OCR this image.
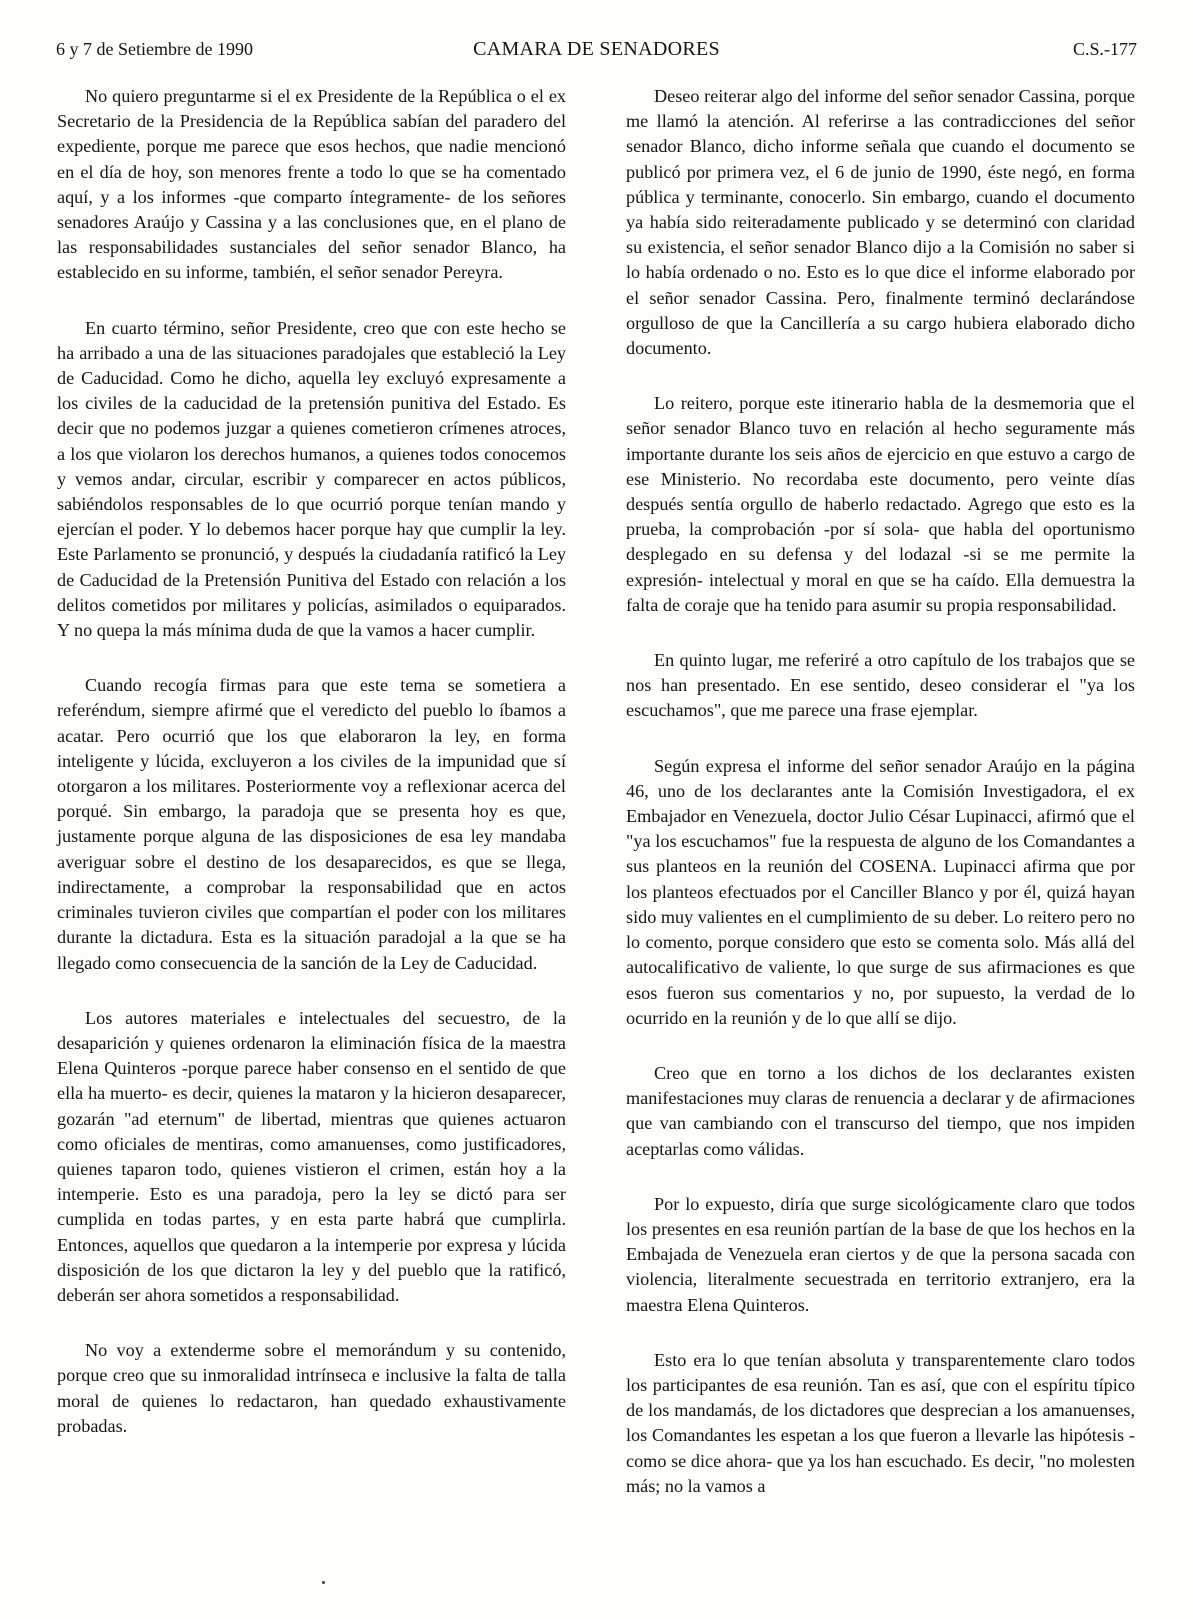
6 y 7 de Setiembre de 1990	CAMARA DE SENADORES	C.S.-177

No quiero preguntarme si el ex Presidente de la República o el ex Secretario de la Presidencia de la República sabían del paradero del expediente, porque me parece que esos hechos, que nadie mencionó en el día de hoy, son menores frente a todo lo que se ha comentado aquí, y a los informes -que comparto íntegramente- de los señores senadores Araújo y Cassina y a las conclusiones que, en el plano de las responsabilidades sustanciales del señor senador Blanco, ha establecido en su informe, también, el señor senador Pereyra.

En cuarto término, señor Presidente, creo que con este hecho se ha arribado a una de las situaciones paradojales que estableció la Ley de Caducidad. Como he dicho, aquella ley excluyó expresamente a los civiles de la caducidad de la pretensión punitiva del Estado. Es decir que no podemos juzgar a quienes cometieron crímenes atroces, a los que violaron los derechos humanos, a quienes todos conocemos y vemos andar, circular, escribir y comparecer en actos públicos, sabiéndolos responsables de lo que ocurrió porque tenían mando y ejercían el poder. Y lo debemos hacer porque hay que cumplir la ley. Este Parlamento se pronunció, y después la ciudadanía ratificó la Ley de Caducidad de la Pretensión Punitiva del Estado con relación a los delitos cometidos por militares y policías, asimilados o equiparados. Y no quepa la más mínima duda de que la vamos a hacer cumplir.

Cuando recogía firmas para que este tema se sometiera a referéndum, siempre afirmé que el veredicto del pueblo lo íbamos a acatar. Pero ocurrió que los que elaboraron la ley, en forma inteligente y lúcida, excluyeron a los civiles de la impunidad que sí otorgaron a los militares. Posteriormente voy a reflexionar acerca del porqué. Sin embargo, la paradoja que se presenta hoy es que, justamente porque alguna de las disposiciones de esa ley mandaba averiguar sobre el destino de los desaparecidos, es que se llega, indirectamente, a comprobar la responsabilidad que en actos criminales tuvieron civiles que compartían el poder con los militares durante la dictadura. Esta es la situación paradojal a la que se ha llegado como consecuencia de la sanción de la Ley de Caducidad.

Los autores materiales e intelectuales del secuestro, de la desaparición y quienes ordenaron la eliminación física de la maestra Elena Quinteros -porque parece haber consenso en el sentido de que ella ha muerto- es decir, quienes la mataron y la hicieron desaparecer, gozarán "ad eternum" de libertad, mientras que quienes actuaron como oficiales de mentiras, como amanuenses, como justificadores, quienes taparon todo, quienes vistieron el crimen, están hoy a la intemperie. Esto es una paradoja, pero la ley se dictó para ser cumplida en todas partes, y en esta parte habrá que cumplirla. Entonces, aquellos que quedaron a la intemperie por expresa y lúcida disposición de los que dictaron la ley y del pueblo que la ratificó, deberán ser ahora sometidos a responsabilidad.

No voy a extenderme sobre el memorándum y su contenido, porque creo que su inmoralidad intrínseca e inclusive la falta de talla moral de quienes lo redactaron, han quedado exhaustivamente probadas.

Deseo reiterar algo del informe del señor senador Cassina, porque me llamó la atención. Al referirse a las contradicciones del señor senador Blanco, dicho informe señala que cuando el documento se publicó por primera vez, el 6 de junio de 1990, éste negó, en forma pública y terminante, conocerlo. Sin embargo, cuando el documento ya había sido reiteradamente publicado y se determinó con claridad su existencia, el señor senador Blanco dijo a la Comisión no saber si lo había ordenado o no. Esto es lo que dice el informe elaborado por el señor senador Cassina. Pero, finalmente terminó declarándose orgulloso de que la Cancillería a su cargo hubiera elaborado dicho documento.

Lo reitero, porque este itinerario habla de la desmemoria que el señor senador Blanco tuvo en relación al hecho seguramente más importante durante los seis años de ejercicio en que estuvo a cargo de ese Ministerio. No recordaba este documento, pero veinte días después sentía orgullo de haberlo redactado. Agrego que esto es la prueba, la comprobación -por sí sola- que habla del oportunismo desplegado en su defensa y del lodazal -si se me permite la expresión- intelectual y moral en que se ha caído. Ella demuestra la falta de coraje que ha tenido para asumir su propia responsabilidad.

En quinto lugar, me referiré a otro capítulo de los trabajos que se nos han presentado. En ese sentido, deseo considerar el "ya los escuchamos", que me parece una frase ejemplar.

Según expresa el informe del señor senador Araújo en la página 46, uno de los declarantes ante la Comisión Investigadora, el ex Embajador en Venezuela, doctor Julio César Lupinacci, afirmó que el "ya los escuchamos" fue la respuesta de alguno de los Comandantes a sus planteos en la reunión del COSENA. Lupinacci afirma que por los planteos efectuados por el Canciller Blanco y por él, quizá hayan sido muy valientes en el cumplimiento de su deber. Lo reitero pero no lo comento, porque considero que esto se comenta solo. Más allá del autocalificativo de valiente, lo que surge de sus afirmaciones es que esos fueron sus comentarios y no, por supuesto, la verdad de lo ocurrido en la reunión y de lo que allí se dijo.

Creo que en torno a los dichos de los declarantes existen manifestaciones muy claras de renuencia a declarar y de afirmaciones que van cambiando con el transcurso del tiempo, que nos impiden aceptarlas como válidas.

Por lo expuesto, diría que surge sicológicamente claro que todos los presentes en esa reunión partían de la base de que los hechos en la Embajada de Venezuela eran ciertos y de que la persona sacada con violencia, literalmente secuestrada en territorio extranjero, era la maestra Elena Quinteros.

Esto era lo que tenían absoluta y transparentemente claro todos los participantes de esa reunión. Tan es así, que con el espíritu típico de los mandamás, de los dictadores que desprecian a los amanuenses, los Comandantes les espetan a los que fueron a llevarle las hipótesis -como se dice ahora- que ya los han escuchado. Es decir, "no molesten más; no la vamos a
